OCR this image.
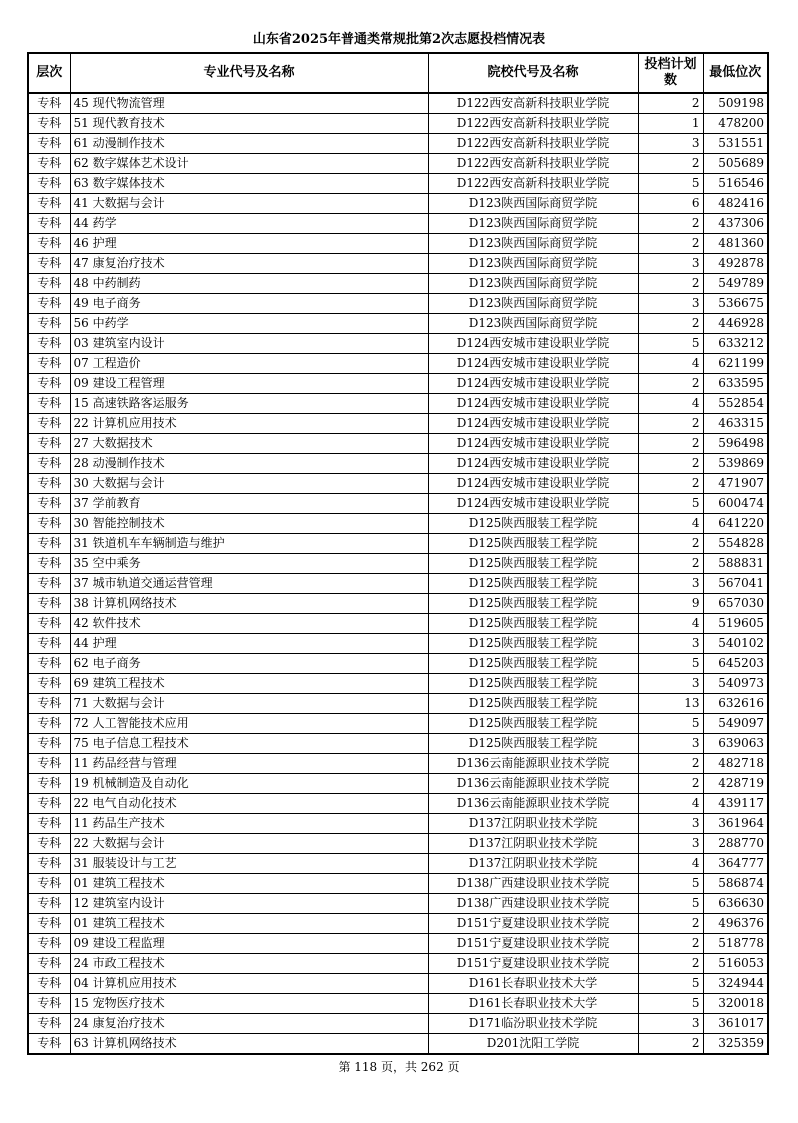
山东省2025年普通类常规批第2次志愿投档情况表
层次	专业代号及名称	院校代号及名称	投档计划数	最低位次
专科	45 现代物流管理	D122西安高新科技职业学院	2	509198
专科	51 现代教育技术	D122西安高新科技职业学院	1	478200
专科	61 动漫制作技术	D122西安高新科技职业学院	3	531551
专科	62 数字媒体艺术设计	D122西安高新科技职业学院	2	505689
专科	63 数字媒体技术	D122西安高新科技职业学院	5	516546
专科	41 大数据与会计	D123陕西国际商贸学院	6	482416
专科	44 药学	D123陕西国际商贸学院	2	437306
专科	46 护理	D123陕西国际商贸学院	2	481360
专科	47 康复治疗技术	D123陕西国际商贸学院	3	492878
专科	48 中药制药	D123陕西国际商贸学院	2	549789
专科	49 电子商务	D123陕西国际商贸学院	3	536675
专科	56 中药学	D123陕西国际商贸学院	2	446928
专科	03 建筑室内设计	D124西安城市建设职业学院	5	633212
专科	07 工程造价	D124西安城市建设职业学院	4	621199
专科	09 建设工程管理	D124西安城市建设职业学院	2	633595
专科	15 高速铁路客运服务	D124西安城市建设职业学院	4	552854
专科	22 计算机应用技术	D124西安城市建设职业学院	2	463315
专科	27 大数据技术	D124西安城市建设职业学院	2	596498
专科	28 动漫制作技术	D124西安城市建设职业学院	2	539869
专科	30 大数据与会计	D124西安城市建设职业学院	2	471907
专科	37 学前教育	D124西安城市建设职业学院	5	600474
专科	30 智能控制技术	D125陕西服装工程学院	4	641220
专科	31 铁道机车车辆制造与维护	D125陕西服装工程学院	2	554828
专科	35 空中乘务	D125陕西服装工程学院	2	588831
专科	37 城市轨道交通运营管理	D125陕西服装工程学院	3	567041
专科	38 计算机网络技术	D125陕西服装工程学院	9	657030
专科	42 软件技术	D125陕西服装工程学院	4	519605
专科	44 护理	D125陕西服装工程学院	3	540102
专科	62 电子商务	D125陕西服装工程学院	5	645203
专科	69 建筑工程技术	D125陕西服装工程学院	3	540973
专科	71 大数据与会计	D125陕西服装工程学院	13	632616
专科	72 人工智能技术应用	D125陕西服装工程学院	5	549097
专科	75 电子信息工程技术	D125陕西服装工程学院	3	639063
专科	11 药品经营与管理	D136云南能源职业技术学院	2	482718
专科	19 机械制造及自动化	D136云南能源职业技术学院	2	428719
专科	22 电气自动化技术	D136云南能源职业技术学院	4	439117
专科	11 药品生产技术	D137江阴职业技术学院	3	361964
专科	22 大数据与会计	D137江阴职业技术学院	3	288770
专科	31 服装设计与工艺	D137江阴职业技术学院	4	364777
专科	01 建筑工程技术	D138广西建设职业技术学院	5	586874
专科	12 建筑室内设计	D138广西建设职业技术学院	5	636630
专科	01 建筑工程技术	D151宁夏建设职业技术学院	2	496376
专科	09 建设工程监理	D151宁夏建设职业技术学院	2	518778
专科	24 市政工程技术	D151宁夏建设职业技术学院	2	516053
专科	04 计算机应用技术	D161长春职业技术大学	5	324944
专科	15 宠物医疗技术	D161长春职业技术大学	5	320018
专科	24 康复治疗技术	D171临汾职业技术学院	3	361017
专科	63 计算机网络技术	D201沈阳工学院	2	325359
第 118 页，共 262 页
